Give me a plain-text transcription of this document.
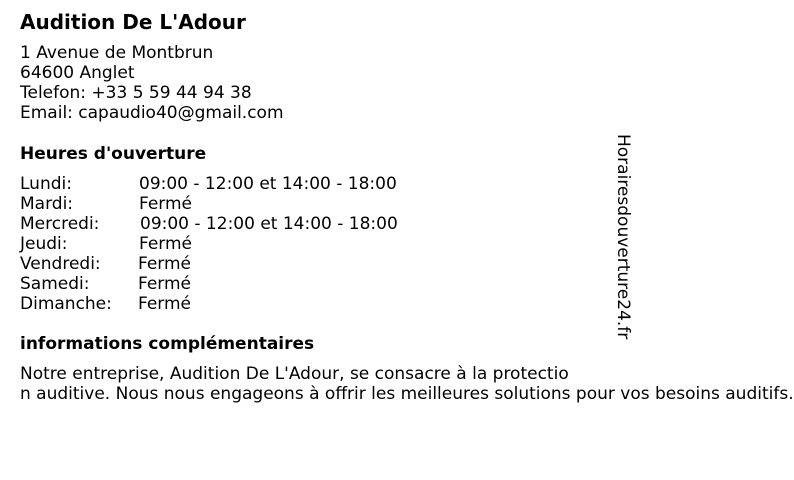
Audition De L'Adour
1 Avenue de Montbrun
64600 Anglet
Telefon: +33 5 59 44 94 38
Email: capaudio40@gmail.com
Heures d'ouverture
Lundi:	09:00 - 12:00 et 14:00 - 18:00
Mardi:	Fermé
Mercredi: 09:00 - 12:00 et 14:00 - 18:00
Jeudi:	Fermé
Vendredi: Fermé
Samedi:	Fermé
Dimanche: Fermé
informations complémentaires
Notre entreprise, Audition De L'Adour, se consacre à la protectio
n auditive. Nous nous engageons à offrir les meilleures solutions pour vos besoins auditifs.
Horairesdouverture24.fr
